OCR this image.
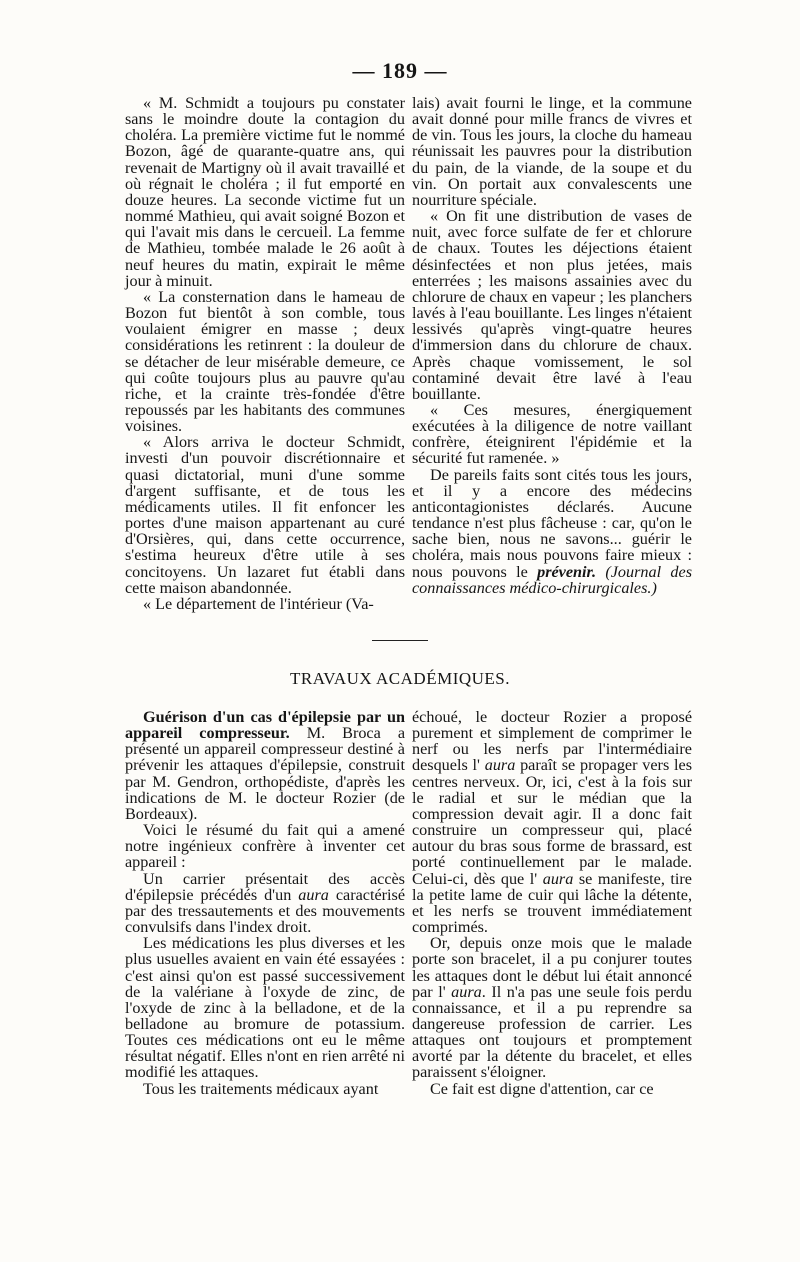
— 189 —

« M. Schmidt a toujours pu constater sans le moindre doute la contagion du choléra. La première victime fut le nommé Bozon, âgé de quarante-quatre ans, qui revenait de Martigny où il avait travaillé et où régnait le choléra ; il fut emporté en douze heures. La seconde victime fut un nommé Mathieu, qui avait soigné Bozon et qui l'avait mis dans le cercueil. La femme de Mathieu, tombée malade le 26 août à neuf heures du matin, expirait le même jour à minuit.

« La consternation dans le hameau de Bozon fut bientôt à son comble, tous voulaient émigrer en masse ; deux considérations les retinrent : la douleur de se détacher de leur misérable demeure, ce qui coûte toujours plus au pauvre qu'au riche, et la crainte très-fondée d'être repoussés par les habitants des communes voisines.

« Alors arriva le docteur Schmidt, investi d'un pouvoir discrétionnaire et quasi dictatorial, muni d'une somme d'argent suffisante, et de tous les médicaments utiles. Il fit enfoncer les portes d'une maison appartenant au curé d'Orsières, qui, dans cette occurrence, s'estima heureux d'être utile à ses concitoyens. Un lazaret fut établi dans cette maison abandonnée.

« Le département de l'intérieur (Va-

lais) avait fourni le linge, et la commune avait donné pour mille francs de vivres et de vin. Tous les jours, la cloche du hameau réunissait les pauvres pour la distribution du pain, de la viande, de la soupe et du vin. On portait aux convalescents une nourriture spéciale.

« On fit une distribution de vases de nuit, avec force sulfate de fer et chlorure de chaux. Toutes les déjections étaient désinfectées et non plus jetées, mais enterrées ; les maisons assainies avec du chlorure de chaux en vapeur ; les planchers lavés à l'eau bouillante. Les linges n'étaient lessivés qu'après vingt-quatre heures d'immersion dans du chlorure de chaux. Après chaque vomissement, le sol contaminé devait être lavé à l'eau bouillante.

« Ces mesures, énergiquement exécutées à la diligence de notre vaillant confrère, éteignirent l'épidémie et la sécurité fut ramenée. »

De pareils faits sont cités tous les jours, et il y a encore des médecins anticontagionistes déclarés. Aucune tendance n'est plus fâcheuse : car, qu'on le sache bien, nous ne savons... guérir le choléra, mais nous pouvons faire mieux : nous pouvons le prévenir. (Journal des connaissances médico-chirurgicales.)

TRAVAUX ACADÉMIQUES.

Guérison d'un cas d'épilepsie par un appareil compresseur. M. Broca a présenté un appareil compresseur destiné à prévenir les attaques d'épilepsie, construit par M. Gendron, orthopédiste, d'après les indications de M. le docteur Rozier (de Bordeaux).

Voici le résumé du fait qui a amené notre ingénieux confrère à inventer cet appareil :

Un carrier présentait des accès d'épilepsie précédés d'un aura caractérisé par des tressautements et des mouvements convulsifs dans l'index droit.

Les médications les plus diverses et les plus usuelles avaient en vain été essayées : c'est ainsi qu'on est passé successivement de la valériane à l'oxyde de zinc, de l'oxyde de zinc à la belladone, et de la belladone au bromure de potassium. Toutes ces médications ont eu le même résultat négatif. Elles n'ont en rien arrêté ni modifié les attaques.

Tous les traitements médicaux ayant

échoué, le docteur Rozier a proposé purement et simplement de comprimer le nerf ou les nerfs par l'intermédiaire desquels l' aura paraît se propager vers les centres nerveux. Or, ici, c'est à la fois sur le radial et sur le médian que la compression devait agir. Il a donc fait construire un compresseur qui, placé autour du bras sous forme de brassard, est porté continuellement par le malade. Celui-ci, dès que l' aura se manifeste, tire la petite lame de cuir qui lâche la détente, et les nerfs se trouvent immédiatement comprimés.

Or, depuis onze mois que le malade porte son bracelet, il a pu conjurer toutes les attaques dont le début lui était annoncé par l' aura. Il n'a pas une seule fois perdu connaissance, et il a pu reprendre sa dangereuse profession de carrier. Les attaques ont toujours et promptement avorté par la détente du bracelet, et elles paraissent s'éloigner.

Ce fait est digne d'attention, car ce
